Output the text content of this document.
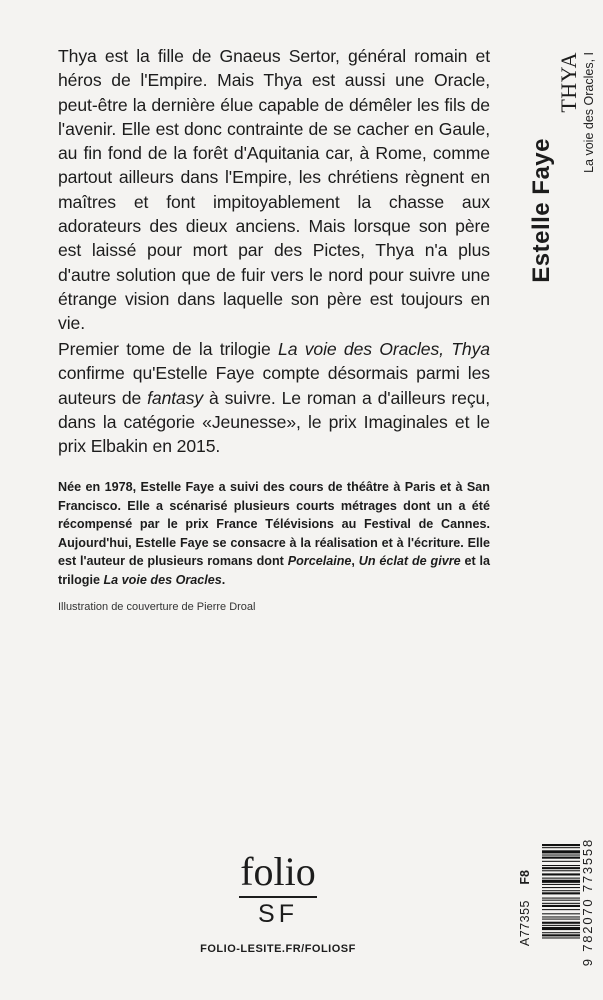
Thya est la fille de Gnaeus Sertor, général romain et héros de l'Empire. Mais Thya est aussi une Oracle, peut-être la dernière élue capable de démêler les fils de l'avenir. Elle est donc contrainte de se cacher en Gaule, au fin fond de la forêt d'Aquitania car, à Rome, comme partout ailleurs dans l'Empire, les chrétiens règnent en maîtres et font impitoyablement la chasse aux adorateurs des dieux anciens. Mais lorsque son père est laissé pour mort par des Pictes, Thya n'a plus d'autre solution que de fuir vers le nord pour suivre une étrange vision dans laquelle son père est toujours en vie.

Premier tome de la trilogie La voie des Oracles, Thya confirme qu'Estelle Faye compte désormais parmi les auteurs de fantasy à suivre. Le roman a d'ailleurs reçu, dans la catégorie «Jeunesse», le prix Imaginales et le prix Elbakin en 2015.

Née en 1978, Estelle Faye a suivi des cours de théâtre à Paris et à San Francisco. Elle a scénarisé plusieurs courts métrages dont un a été récompensé par le prix France Télévisions au Festival de Cannes. Aujourd'hui, Estelle Faye se consacre à la réalisation et à l'écriture. Elle est l'auteur de plusieurs romans dont Porcelaine, Un éclat de givre et la trilogie La voie des Oracles.

Illustration de couverture de Pierre Droal

Estelle Faye
THYA La voie des Oracles, I
folio
SF
FOLIO-LESITE.FR/FOLIOSF
F8
A77355	9 782070 773558
